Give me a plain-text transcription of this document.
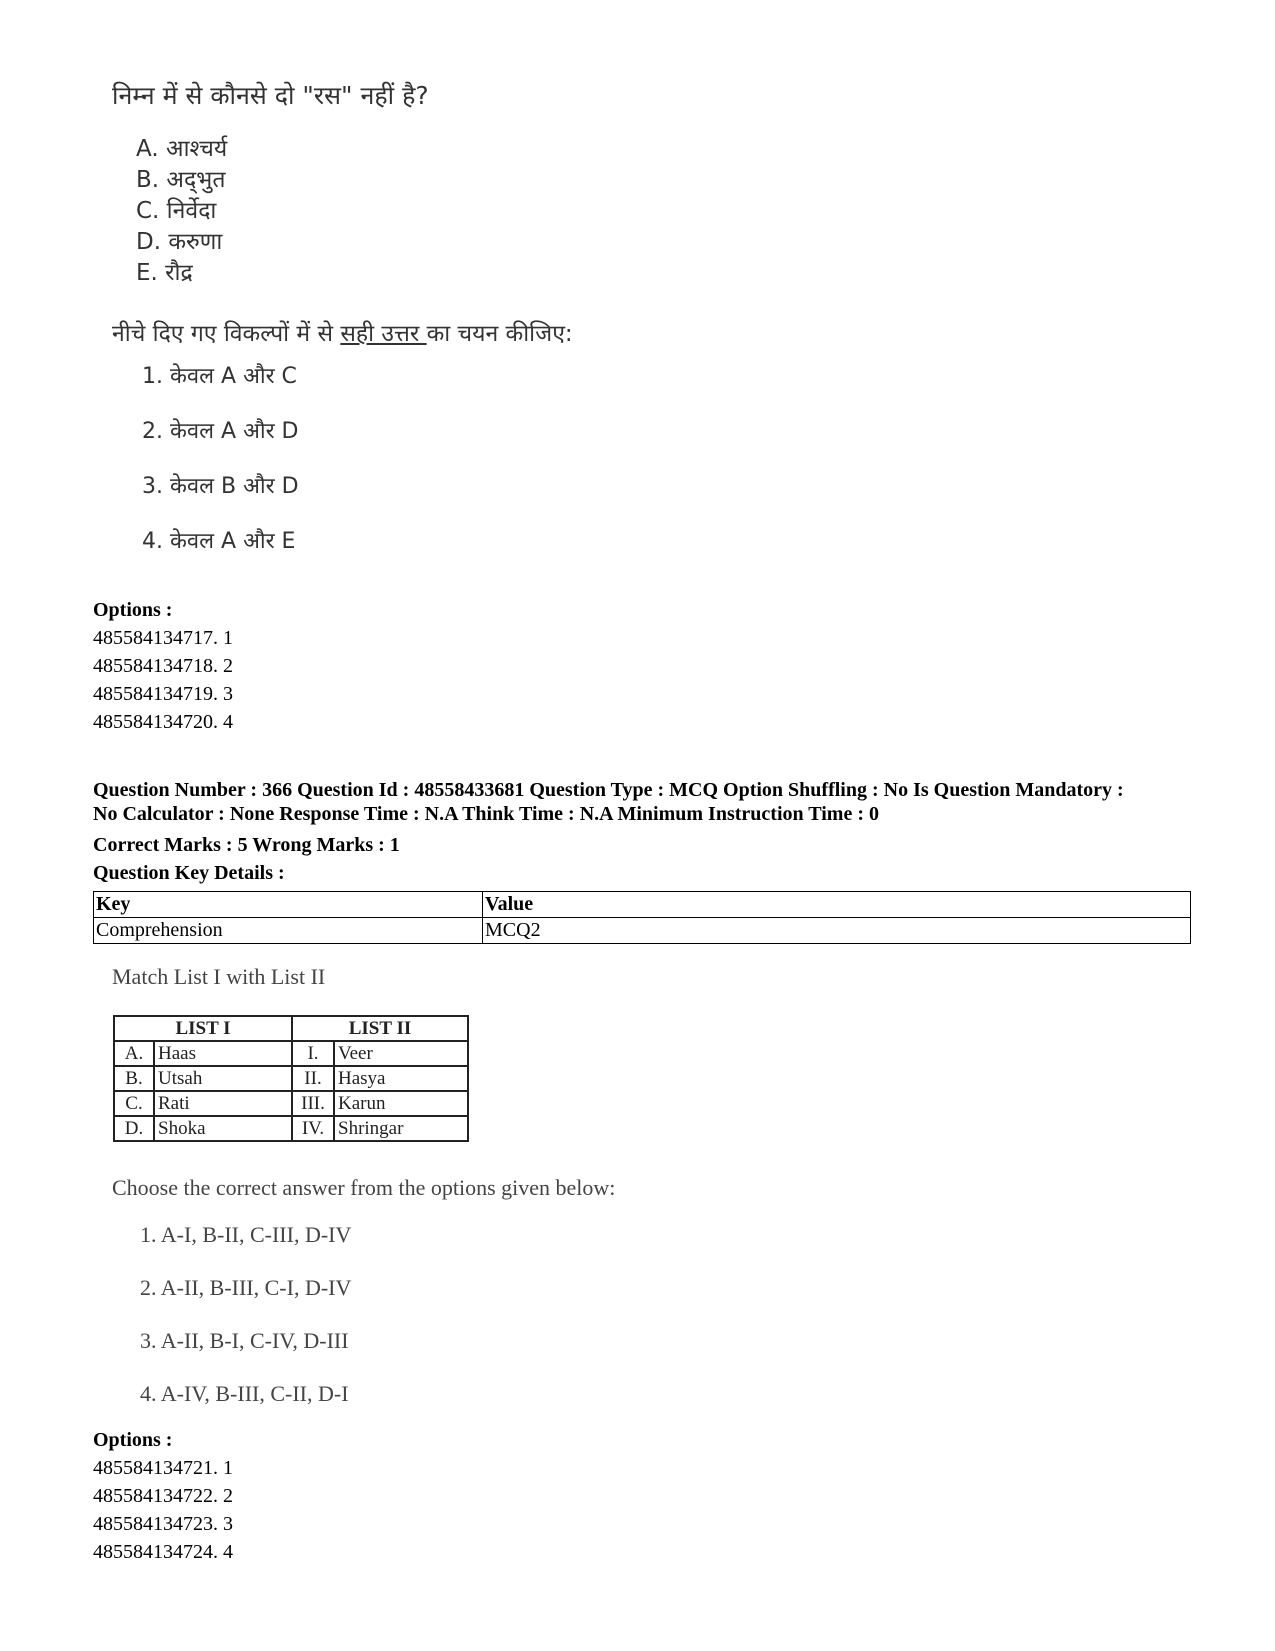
निम्न में से कौनसे दो "रस" नहीं है?
A. आश्चर्य
B. अद्‌भुत
C. निर्वेदा
D. करुणा
E. रौद्र
नीचे दिए गए विकल्पों में से सही उत्तर का चयन कीजिए:
1. केवल A और C
2. केवल A और D
3. केवल B और D
4. केवल A और E
Options :
485584134717. 1
485584134718. 2
485584134719. 3
485584134720. 4
Question Number : 366 Question Id : 48558433681 Question Type : MCQ Option Shuffling : No Is Question Mandatory :
No Calculator : None Response Time : N.A Think Time : N.A Minimum Instruction Time : 0
Correct Marks : 5 Wrong Marks : 1
Question Key Details :
Key	Value
Comprehension	MCQ2
Match List I with List II
LIST I		LIST II	
A.	Haas	I.	Veer
B.	Utsah	II.	Hasya
C.	Rati	III.	Karun
D.	Shoka	IV.	Shringar
Choose the correct answer from the options given below:
1. A-I, B-II, C-III, D-IV
2. A-II, B-III, C-I, D-IV
3. A-II, B-I, C-IV, D-III
4. A-IV, B-III, C-II, D-I
Options :
485584134721. 1
485584134722. 2
485584134723. 3
485584134724. 4
